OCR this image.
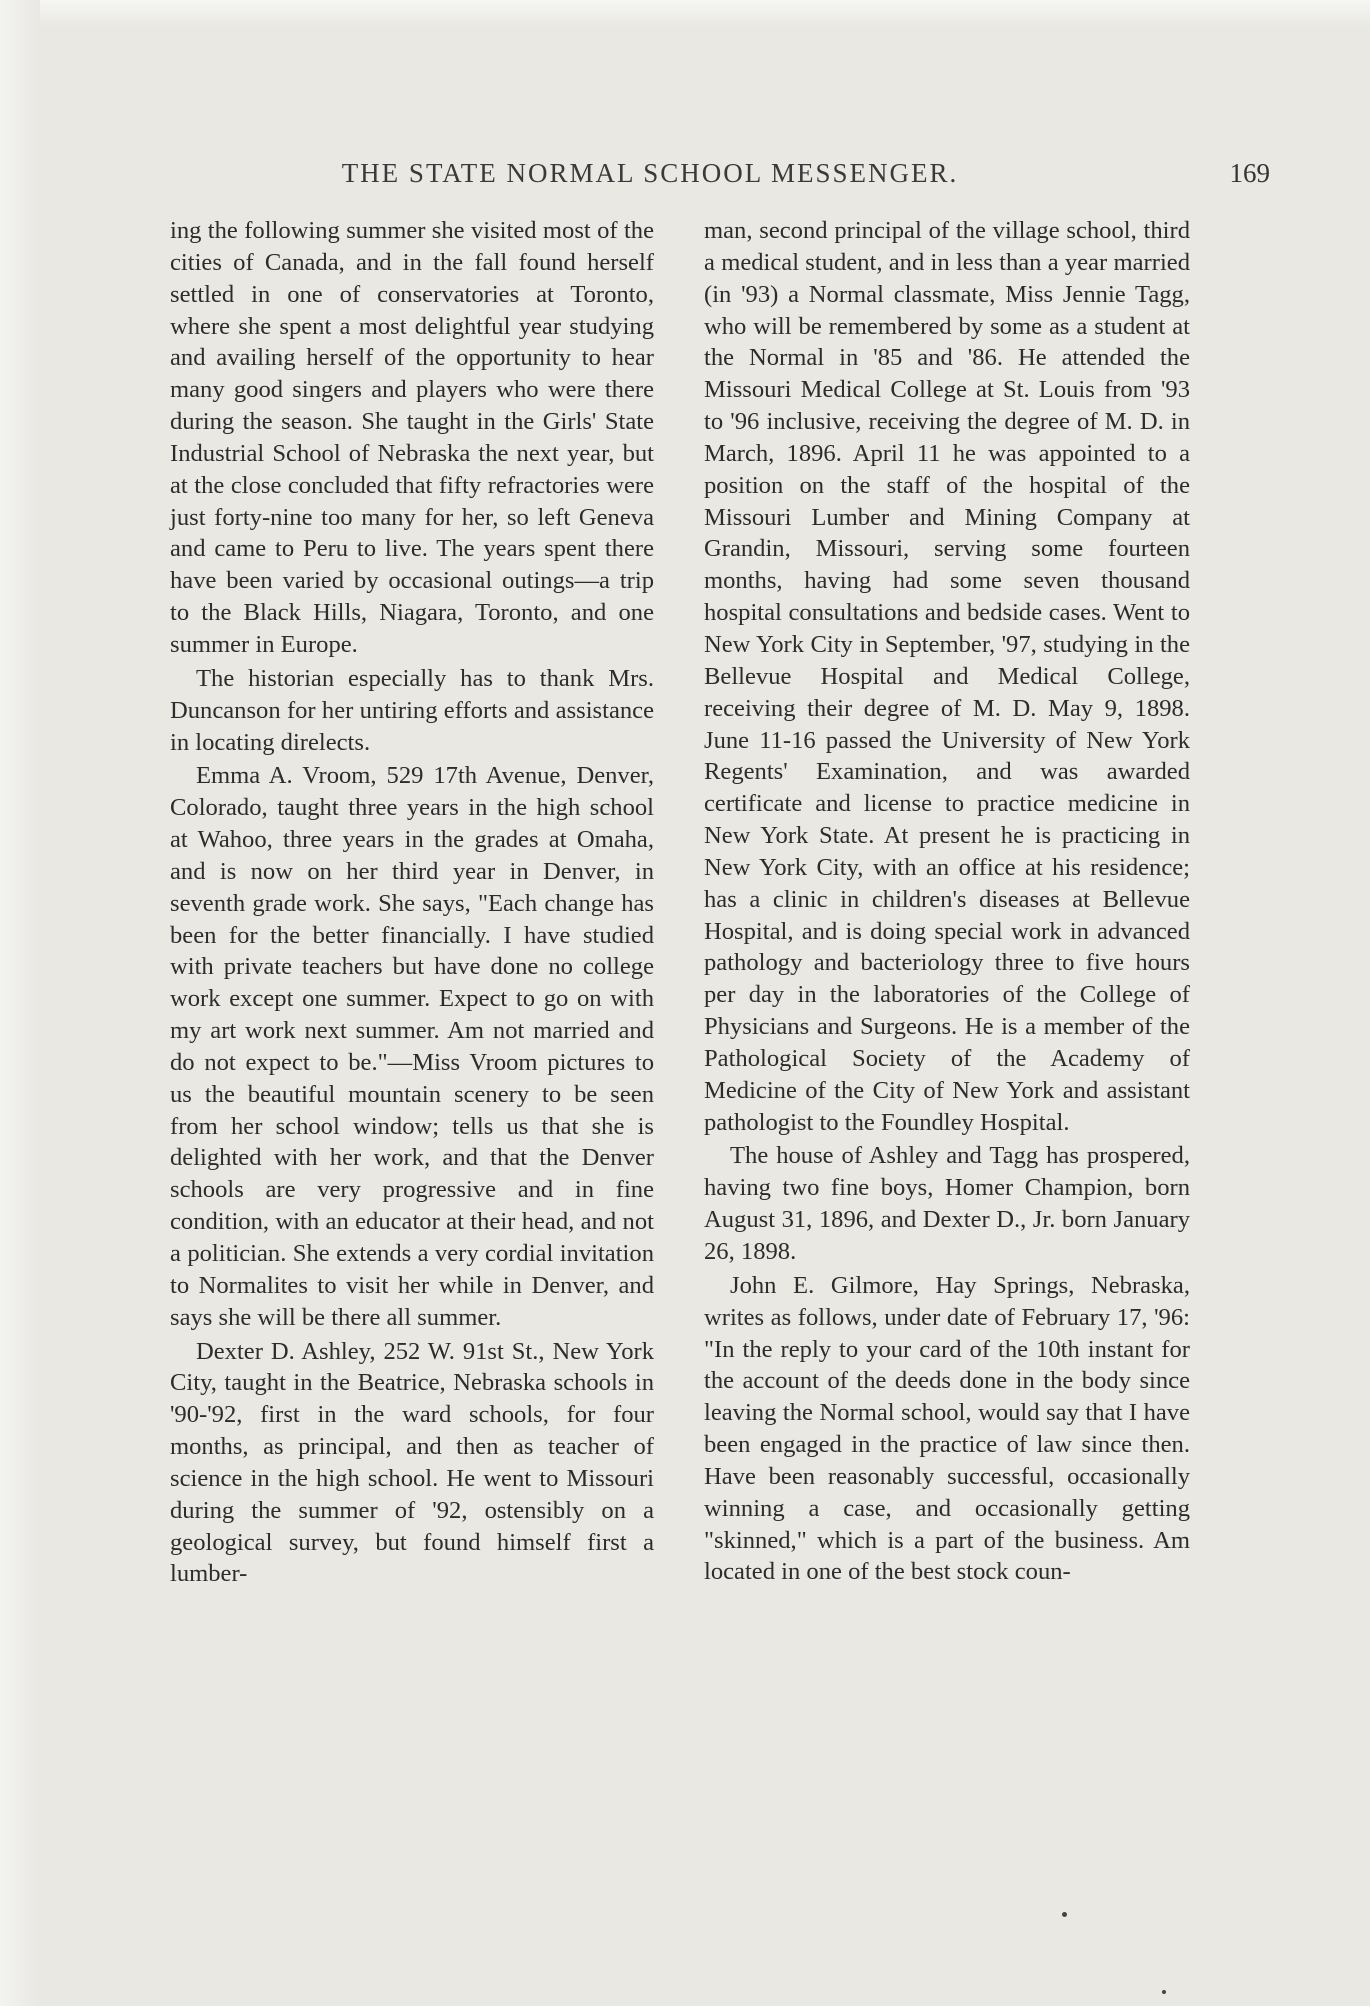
THE STATE NORMAL SCHOOL MESSENGER.	169

ing the following summer she visited most of the cities of Canada, and in the fall found herself settled in one of conservatories at Toronto, where she spent a most delightful year studying and availing herself of the opportunity to hear many good singers and players who were there during the season. She taught in the Girls' State Industrial School of Nebraska the next year, but at the close concluded that fifty refractories were just forty-nine too many for her, so left Geneva and came to Peru to live. The years spent there have been varied by occasional outings—a trip to the Black Hills, Niagara, Toronto, and one summer in Europe.

The historian especially has to thank Mrs. Duncanson for her untiring efforts and assistance in locating direlects.

Emma A. Vroom, 529 17th Avenue, Denver, Colorado, taught three years in the high school at Wahoo, three years in the grades at Omaha, and is now on her third year in Denver, in seventh grade work. She says, "Each change has been for the better financially. I have studied with private teachers but have done no college work except one summer. Expect to go on with my art work next summer. Am not married and do not expect to be."—Miss Vroom pictures to us the beautiful mountain scenery to be seen from her school window; tells us that she is delighted with her work, and that the Denver schools are very progressive and in fine condition, with an educator at their head, and not a politician. She extends a very cordial invitation to Normalites to visit her while in Denver, and says she will be there all summer.

Dexter D. Ashley, 252 W. 91st St., New York City, taught in the Beatrice, Nebraska schools in '90-'92, first in the ward schools, for four months, as principal, and then as teacher of science in the high school. He went to Missouri during the summer of '92, ostensibly on a geological survey, but found himself first a lumber-

man, second principal of the village school, third a medical student, and in less than a year married (in '93) a Normal classmate, Miss Jennie Tagg, who will be remembered by some as a student at the Normal in '85 and '86. He attended the Missouri Medical College at St. Louis from '93 to '96 inclusive, receiving the degree of M. D. in March, 1896. April 11 he was appointed to a position on the staff of the hospital of the Missouri Lumber and Mining Company at Grandin, Missouri, serving some fourteen months, having had some seven thousand hospital consultations and bedside cases. Went to New York City in September, '97, studying in the Bellevue Hospital and Medical College, receiving their degree of M. D. May 9, 1898. June 11-16 passed the University of New York Regents' Examination, and was awarded certificate and license to practice medicine in New York State. At present he is practicing in New York City, with an office at his residence; has a clinic in children's diseases at Bellevue Hospital, and is doing special work in advanced pathology and bacteriology three to five hours per day in the laboratories of the College of Physicians and Surgeons. He is a member of the Pathological Society of the Academy of Medicine of the City of New York and assistant pathologist to the Foundley Hospital.

The house of Ashley and Tagg has prospered, having two fine boys, Homer Champion, born August 31, 1896, and Dexter D., Jr. born January 26, 1898.

John E. Gilmore, Hay Springs, Nebraska, writes as follows, under date of February 17, '96: "In the reply to your card of the 10th instant for the account of the deeds done in the body since leaving the Normal school, would say that I have been engaged in the practice of law since then. Have been reasonably successful, occasionally winning a case, and occasionally getting "skinned," which is a part of the business. Am located in one of the best stock coun-
